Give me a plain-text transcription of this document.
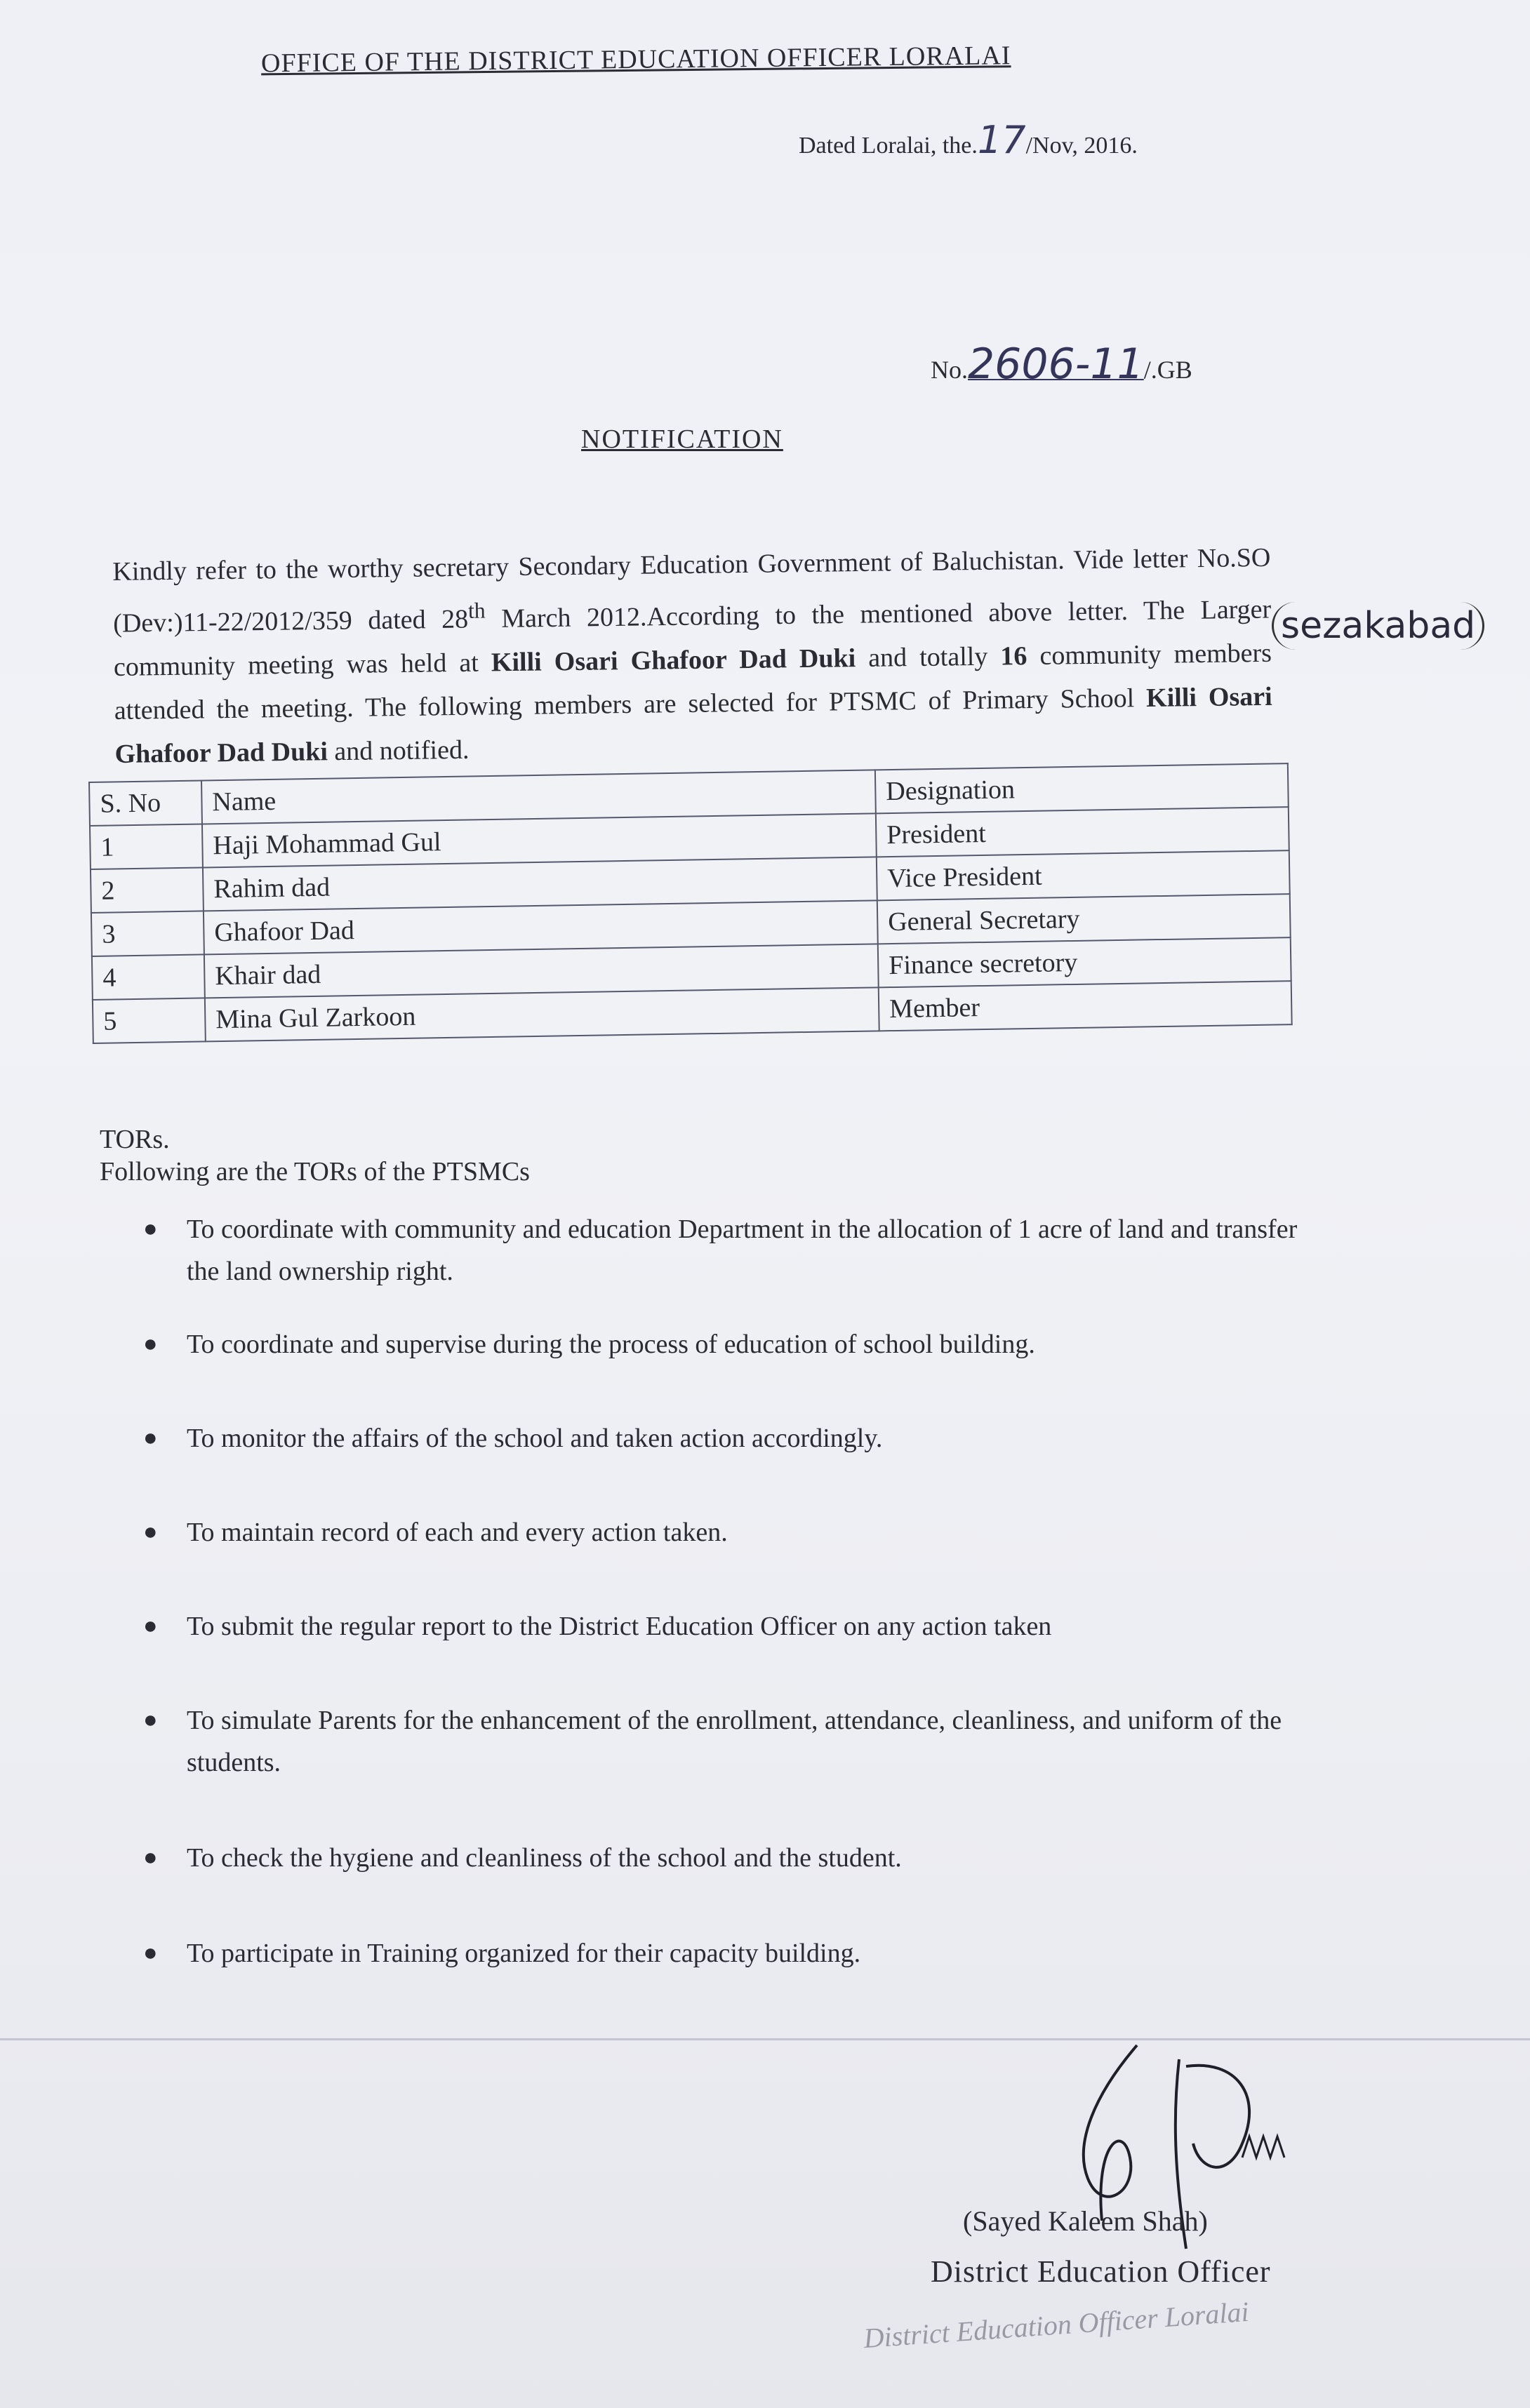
OFFICE OF THE DISTRICT EDUCATION OFFICER LORALAI
Dated Loralai, the.17/Nov, 2016.
No.2606-11/.GB
NOTIFICATION
Kindly refer to the worthy secretary Secondary Education Government of Baluchistan. Vide letter No.SO (Dev:)11-22/2012/359 dated 28th March 2012.According to the mentioned above letter. The Larger community meeting was held at Killi Osari Ghafoor Dad Duki and totally 16 community members attended the meeting. The following members are selected for PTSMC of Primary School Killi Osari Ghafoor Dad Duki and notified.
sezakabad
S. No	Name	Designation
1	Haji Mohammad Gul	President
2	Rahim dad	Vice President
3	Ghafoor Dad	General Secretary
4	Khair dad	Finance secretory
5	Mina Gul Zarkoon	Member
TORs.
Following are the TORs of the PTSMCs
● To coordinate with community and education Department in the allocation of 1 acre of land and transfer the land ownership right.
● To coordinate and supervise during the process of education of school building.
● To monitor the affairs of the school and taken action accordingly.
● To maintain record of each and every action taken.
● To submit the regular report to the District Education Officer on any action taken
● To simulate Parents for the enhancement of the enrollment, attendance, cleanliness, and uniform of the students.
● To check the hygiene and cleanliness of the school and the student.
● To participate in Training organized for their capacity building.
(Sayed Kaleem Shah)
District Education Officer
District Education Officer Loralai
